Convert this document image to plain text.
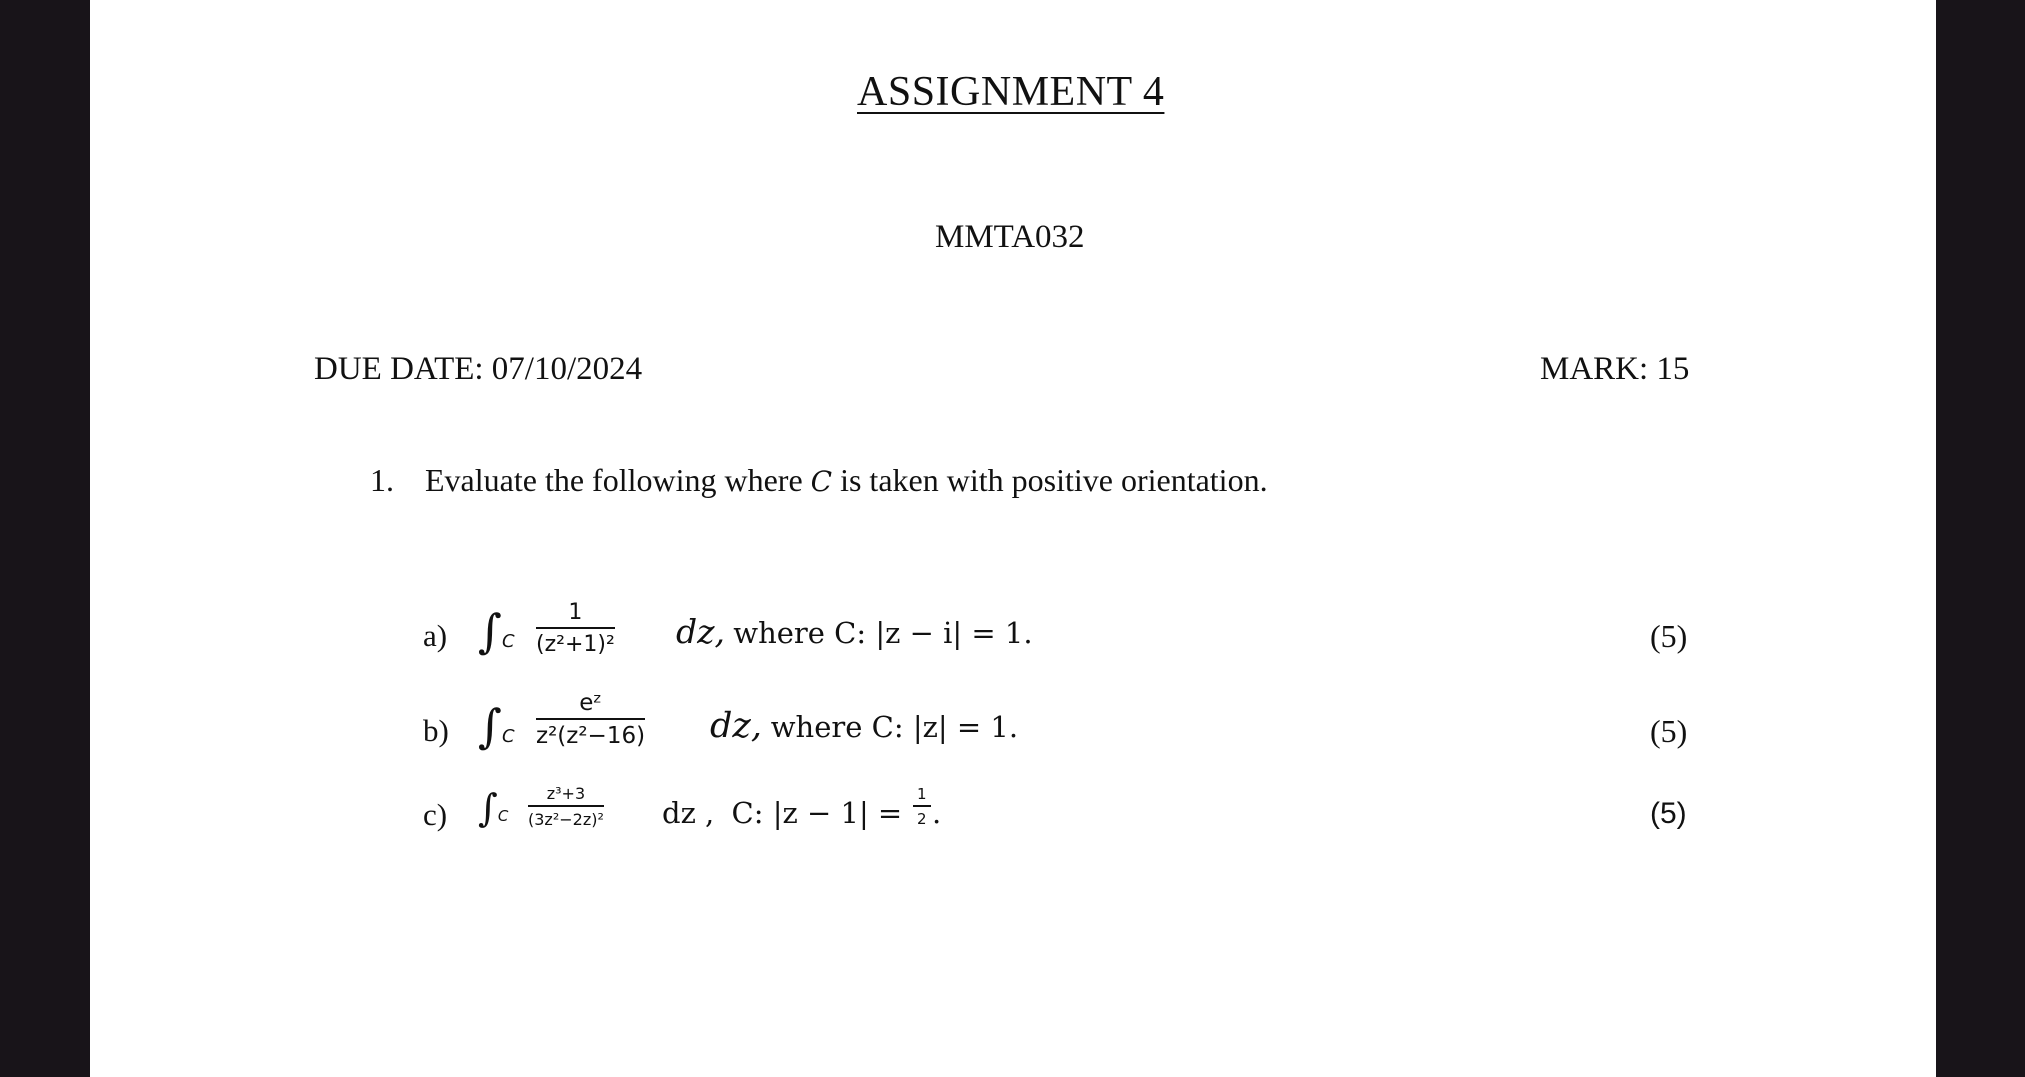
ASSIGNMENT 4
MMTA032
DUE DATE: 07/10/2024	MARK: 15
1. Evaluate the following where C is taken with positive orientation.
a) ∫C
1
(z²+1)² dz, where C: |z − i| = 1.	(5)
b) ∫C
eᶻ
z²(z²−16) dz, where C: |z| = 1.	(5)
c) ∫C
z³+3
(3z²−2z)² dz , C: |z − 1| =
1
2 .	(5)
